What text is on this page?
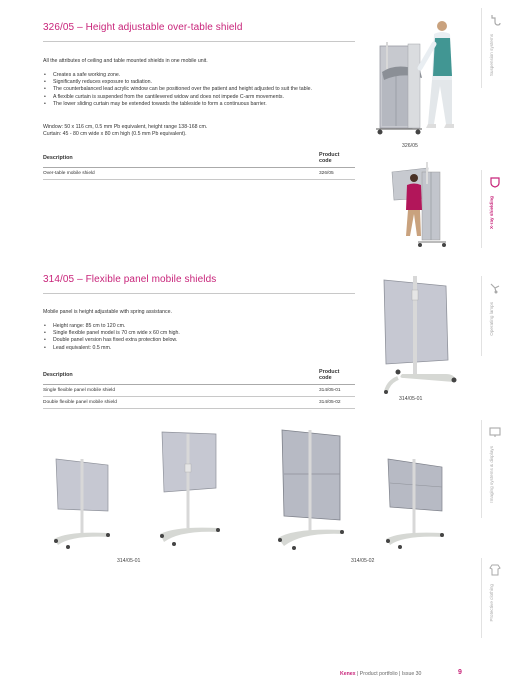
326/05 – Height adjustable over-table shield
All the attributes of ceiling and table mounted shields in one mobile unit.
• Creates a safe working zone.
• Significantly reduces exposure to radiation.
• The counterbalanced lead acrylic window can be positioned over the patient and height adjusted to suit the table.
• A flexible curtain is suspended from the cantilevered widow and does not impede C-arm movements.
• The lower sliding curtain may be extended towards the tableside to form a continuous barrier.
Window: 50 x 116 cm, 0.5 mm Pb equivalent, height range 138-168 cm.
Curtain: 45 - 80 cm wide x 80 cm high (0.5 mm Pb equivalent).
Description	Product code
Over-table mobile shield	326/05
326/05
314/05 – Flexible panel mobile shields
Mobile panel is height adjustable with spring assistance.
• Height range: 85 cm to 120 cm.
• Single flexible panel model is 70 cm wide x 60 cm high.
• Double panel version has fixed extra protection below.
• Lead equivalent: 0.5 mm.
Description	Product code
Single flexible panel mobile shield	314/05-01
Double flexible panel mobile shield	314/05-02
314/05-01
314/05-01	314/05-02
Suspension systems
X-ray shielding
Operating lamps
Imaging systems & displays
Protective clothing
Kenex | Product portfolio | Issue 30	9
